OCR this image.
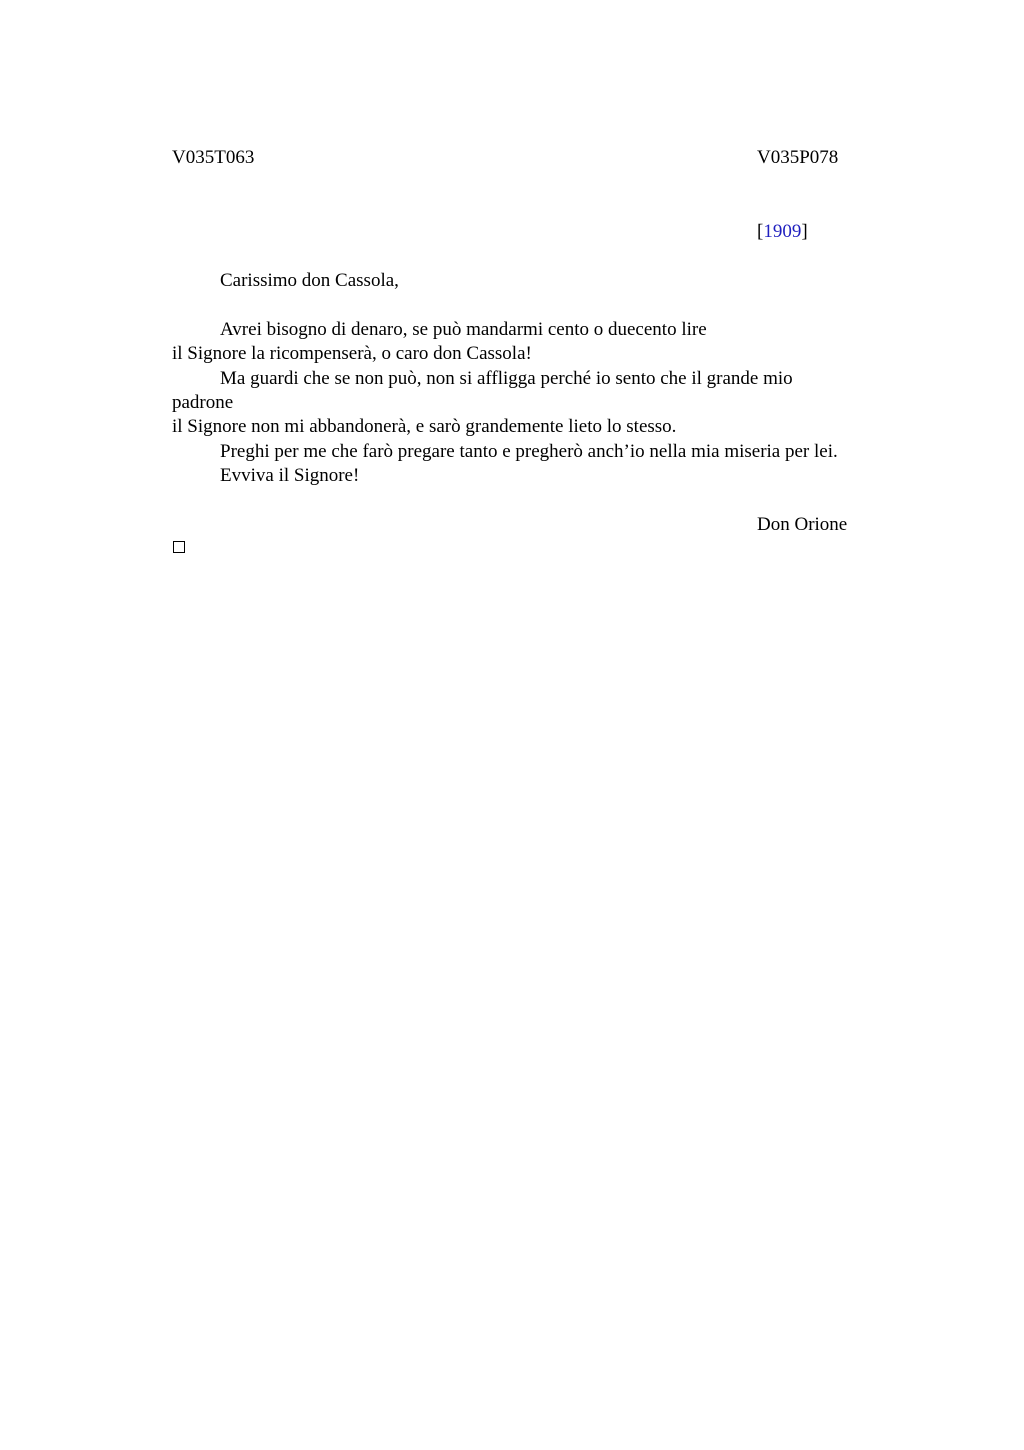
V035T063	V035P078
[1909]
Carissimo don Cassola,
Avrei bisogno di denaro, se può mandarmi cento o duecento lire
il Signore la ricompenserà, o caro don Cassola!
Ma guardi che se non può, non si affligga perché io sento che il grande mio
padrone
il Signore non mi abbandonerà, e sarò grandemente lieto lo stesso.
Preghi per me che farò pregare tanto e pregherò anch’io nella mia miseria per lei.
Evviva il Signore!
Don Orione
